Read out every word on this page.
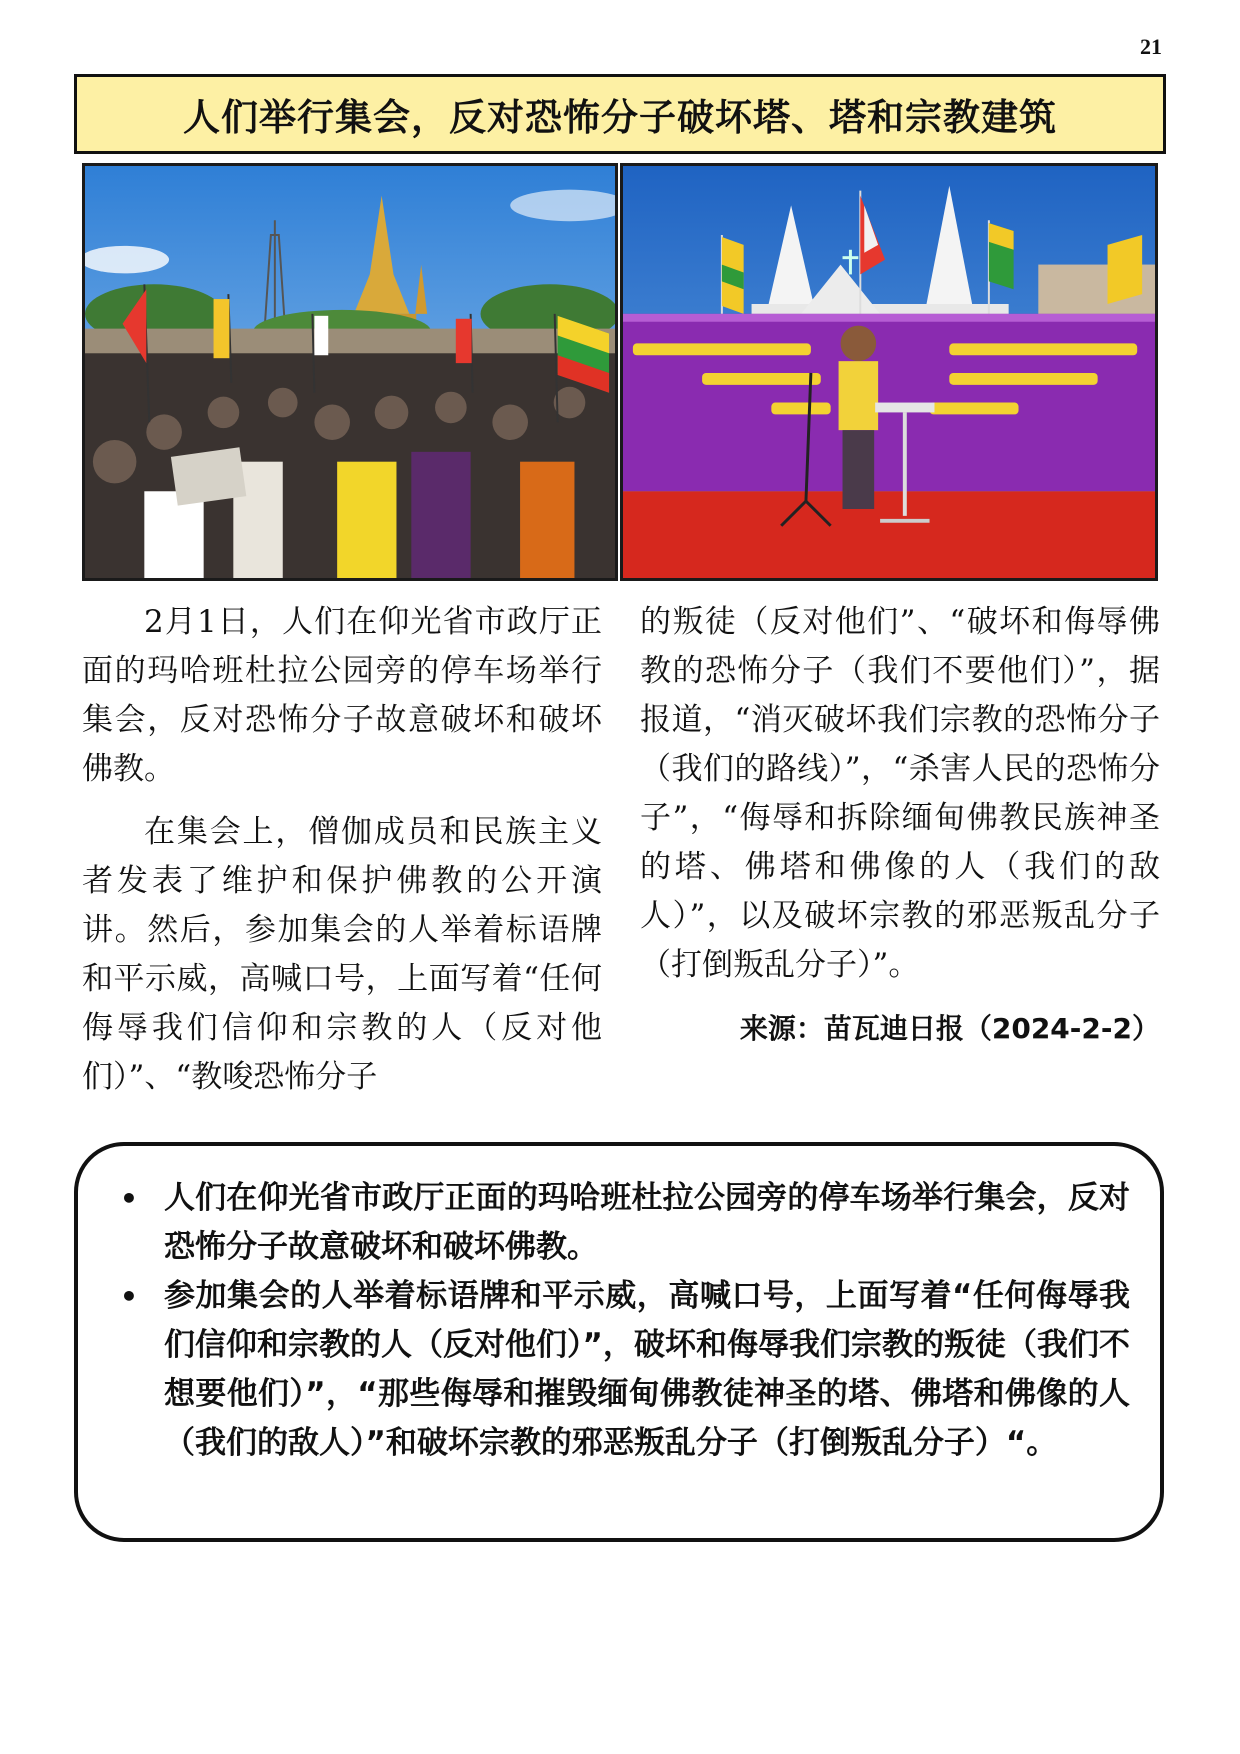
21
人们举行集会，反对恐怖分子破坏塔、塔和宗教建筑

2月1日，人们在仰光省市政厅正面的玛哈班杜拉公园旁的停车场举行集会，反对恐怖分子故意破坏和破坏佛教。

在集会上，僧伽成员和民族主义者发表了维护和保护佛教的公开演讲。然后，参加集会的人举着标语牌和平示威，高喊口号，上面写着“任何侮辱我们信仰和宗教的人（反对他们）”、“教唆恐怖分子

的叛徒（反对他们”、“破坏和侮辱佛教的恐怖分子（我们不要他们）”，据报道，“消灭破坏我们宗教的恐怖分子（我们的路线）”，“杀害人民的恐怖分子”，“侮辱和拆除缅甸佛教民族神圣的塔、佛塔和佛像的人（我们的敌人）”，以及破坏宗教的邪恶叛乱分子（打倒叛乱分子）”。

来源：苗瓦迪日报（2024-2-2）

• 人们在仰光省市政厅正面的玛哈班杜拉公园旁的停车场举行集会，反对恐怖分子故意破坏和破坏佛教。
• 参加集会的人举着标语牌和平示威，高喊口号，上面写着“任何侮辱我们信仰和宗教的人（反对他们）”，破坏和侮辱我们宗教的叛徒（我们不想要他们）”，“那些侮辱和摧毁缅甸佛教徒神圣的塔、佛塔和佛像的人（我们的敌人）”和破坏宗教的邪恶叛乱分子（打倒叛乱分子）“。
